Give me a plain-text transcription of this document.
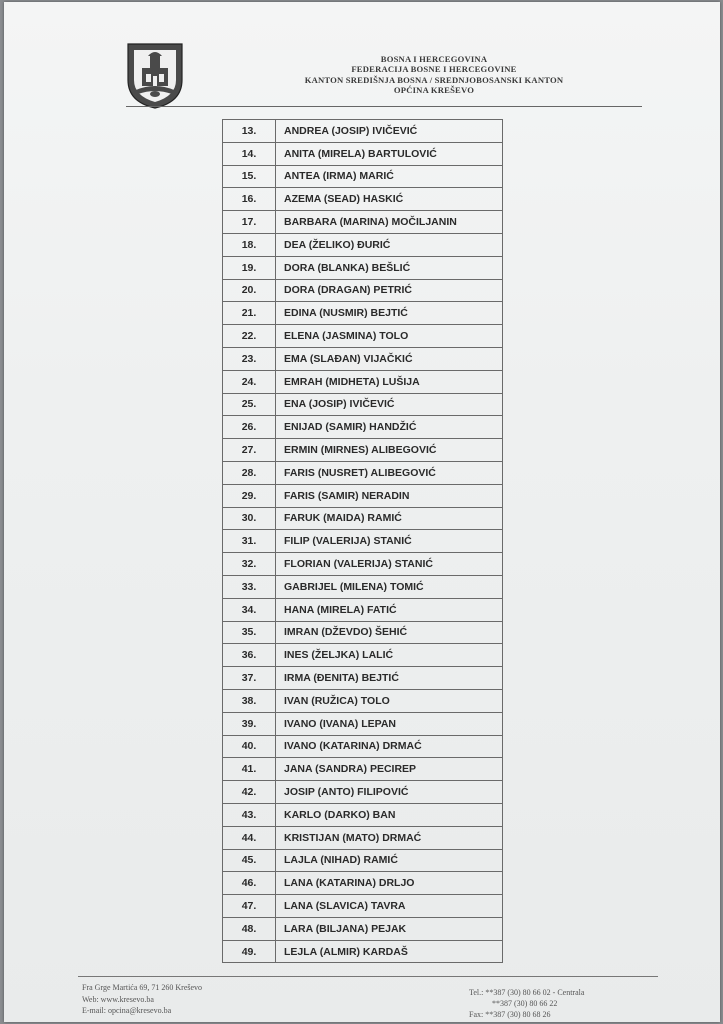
BOSNA I HERCEGOVINA
FEDERACIJA BOSNE I HERCEGOVINE
KANTON SREDIŠNJA BOSNA / SREDNJOBOSANSKI KANTON
OPĆINA KREŠEVO
13.	ANDREA (JOSIP) IVIČEVIĆ
14.	ANITA (MIRELA) BARTULOVIĆ
15.	ANTEA (IRMA) MARIĆ
16.	AZEMA (SEAD) HASKIĆ
17.	BARBARA (MARINA) MOČILJANIN
18.	DEA (ŽELIKO) ĐURIĆ
19.	DORA (BLANKA) BEŠLIĆ
20.	DORA (DRAGAN) PETRIĆ
21.	EDINA (NUSMIR) BEJTIĆ
22.	ELENA (JASMINA) TOLO
23.	EMA (SLAĐAN) VIJAČKIĆ
24.	EMRAH (MIDHETA) LUŠIJA
25.	ENA (JOSIP) IVIČEVIĆ
26.	ENIJAD (SAMIR) HANDŽIĆ
27.	ERMIN (MIRNES) ALIBEGOVIĆ
28.	FARIS (NUSRET) ALIBEGOVIĆ
29.	FARIS (SAMIR) NERADIN
30.	FARUK (MAIDA) RAMIĆ
31.	FILIP (VALERIJA) STANIĆ
32.	FLORIAN (VALERIJA) STANIĆ
33.	GABRIJEL (MILENA) TOMIĆ
34.	HANA (MIRELA) FATIĆ
35.	IMRAN (DŽEVDO) ŠEHIĆ
36.	INES (ŽELJKA) LALIĆ
37.	IRMA (ĐENITA) BEJTIĆ
38.	IVAN (RUŽICA) TOLO
39.	IVANO (IVANA) LEPAN
40.	IVANO (KATARINA) DRMAĆ
41.	JANA (SANDRA) PECIREP
42.	JOSIP (ANTO) FILIPOVIĆ
43.	KARLO (DARKO) BAN
44.	KRISTIJAN (MATO) DRMAĆ
45.	LAJLA (NIHAD) RAMIĆ
46.	LANA (KATARINA) DRLJO
47.	LANA (SLAVICA) TAVRA
48.	LARA (BILJANA) PEJAK
49.	LEJLA (ALMIR) KARDAŠ
Fra Grge Martića 69, 71 260 Kreševo
Web: www.kresevo.ba
E-mail: opcina@kresevo.ba
Tel.: **387 (30) 80 66 02 - Centrala
**387 (30) 80 66 22
Fax: **387 (30) 80 68 26
